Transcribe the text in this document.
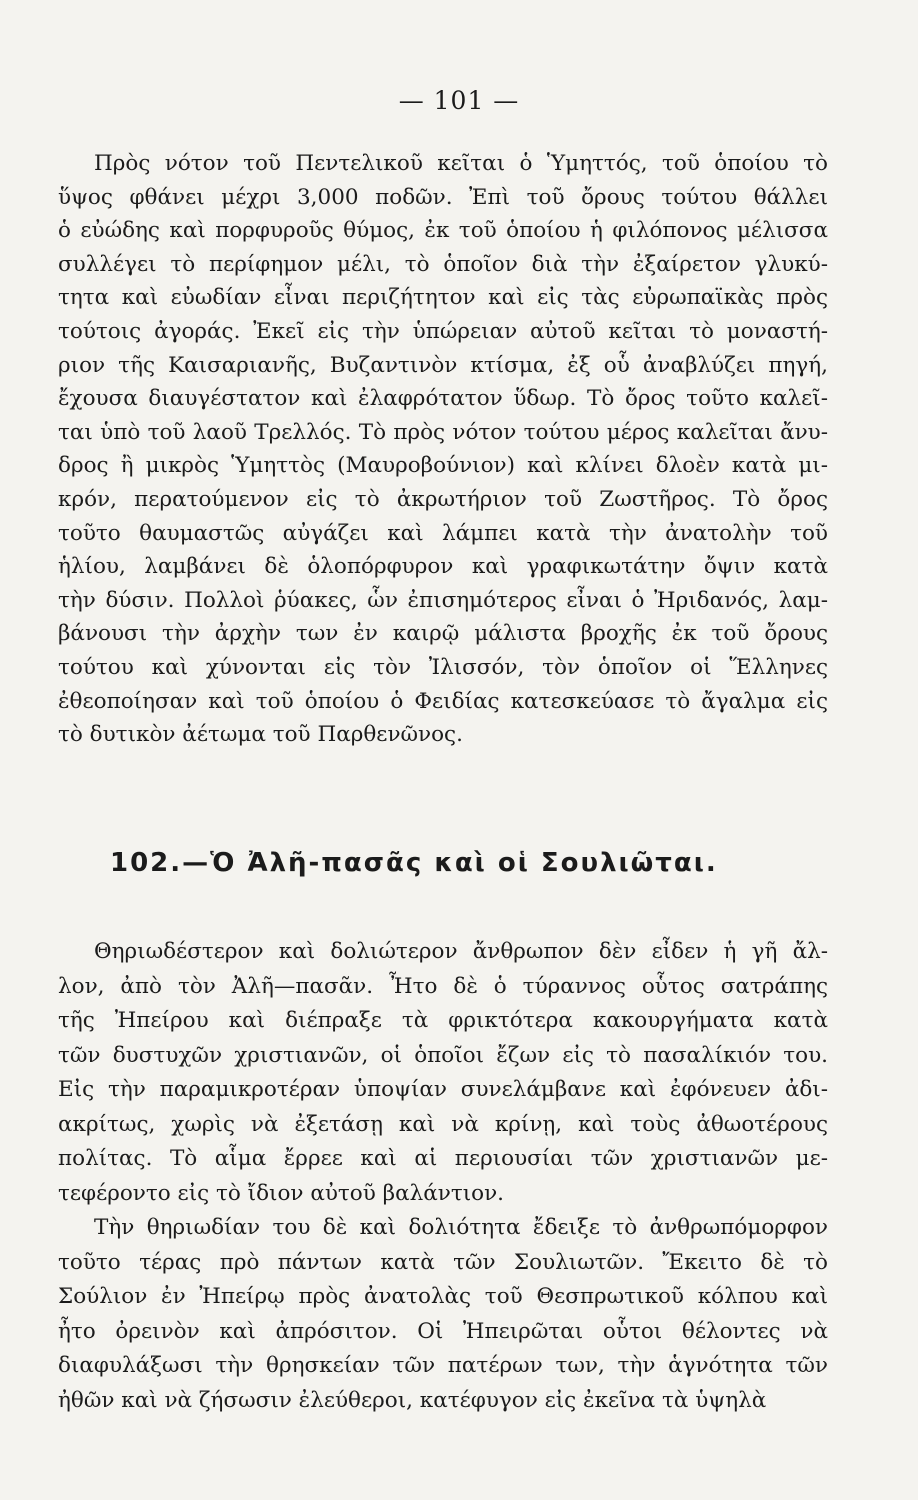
— 101 —
Πρὸς νότον τοῦ Πεντελικοῦ κεῖται ὁ Ὑμηττός, τοῦ ὁποίου τὸ
ὕψος φθάνει μέχρι 3,000 ποδῶν. Ἐπὶ τοῦ ὄρους τούτου θάλλει
ὁ εὐώδης καὶ πορφυροῦς θύμος, ἐκ τοῦ ὁποίου ἡ φιλόπονος μέλισσα
συλλέγει τὸ περίφημον μέλι, τὸ ὁποῖον διὰ τὴν ἐξαίρετον γλυκύ-
τητα καὶ εὐωδίαν εἶναι περιζήτητον καὶ εἰς τὰς εὐρωπαϊκὰς πρὸς
τούτοις ἀγοράς. Ἐκεῖ εἰς τὴν ὑπώρειαν αὐτοῦ κεῖται τὸ μοναστή-
ριον τῆς Καισαριανῆς, Βυζαντινὸν κτίσμα, ἐξ οὗ ἀναβλύζει πηγή,
ἔχουσα διαυγέστατον καὶ ἐλαφρότατον ὕδωρ. Τὸ ὄρος τοῦτο καλεῖ-
ται ὑπὸ τοῦ λαοῦ Τρελλός. Τὸ πρὸς νότον τούτου μέρος καλεῖται ἄνυ-
δρος ἢ μικρὸς Ὑμηττὸς (Μαυροβούνιον) καὶ κλίνει δλοὲν κατὰ μι-
κρόν, περατούμενον εἰς τὸ ἀκρωτήριον τοῦ Ζωστῆρος. Τὸ ὄρος
τοῦτο θαυμαστῶς αὐγάζει καὶ λάμπει κατὰ τὴν ἀνατολὴν τοῦ
ἡλίου, λαμβάνει δὲ ὁλοπόρφυρον καὶ γραφικωτάτην ὄψιν κατὰ
τὴν δύσιν. Πολλοὶ ῥύακες, ὧν ἐπισημότερος εἶναι ὁ Ἠριδανός, λαμ-
βάνουσι τὴν ἀρχὴν των ἐν καιρῷ μάλιστα βροχῆς ἐκ τοῦ ὄρους
τούτου καὶ χύνονται εἰς τὸν Ἰλισσόν, τὸν ὁποῖον οἱ Ἕλληνες
ἐθεοποίησαν καὶ τοῦ ὁποίου ὁ Φειδίας κατεσκεύασε τὸ ἄγαλμα εἰς
τὸ δυτικὸν ἀέτωμα τοῦ Παρθενῶνος.
102.—Ὁ Ἀλῆ-πασᾶς καὶ οἱ Σουλιῶται.
Θηριωδέστερον καὶ δολιώτερον ἄνθρωπον δὲν εἶδεν ἡ γῆ ἄλ-
λον, ἀπὸ τὸν Ἀλῆ—πασᾶν. Ἦτο δὲ ὁ τύραννος οὗτος σατράπης
τῆς Ἠπείρου καὶ διέπραξε τὰ φρικτότερα κακουργήματα κατὰ
τῶν δυστυχῶν χριστιανῶν, οἱ ὁποῖοι ἔζων εἰς τὸ πασαλίκιόν του.
Εἰς τὴν παραμικροτέραν ὑποψίαν συνελάμβανε καὶ ἐφόνευεν ἀδι-
ακρίτως, χωρὶς νὰ ἐξετάσῃ καὶ νὰ κρίνῃ, καὶ τοὺς ἀθωοτέρους
πολίτας. Τὸ αἷμα ἔρρεε καὶ αἱ περιουσίαι τῶν χριστιανῶν με-
τεφέροντο εἰς τὸ ἴδιον αὐτοῦ βαλάντιον.
Τὴν θηριωδίαν του δὲ καὶ δολιότητα ἔδειξε τὸ ἀνθρωπόμορφον
τοῦτο τέρας πρὸ πάντων κατὰ τῶν Σουλιωτῶν. Ἔκειτο δὲ τὸ
Σούλιον ἐν Ἠπείρῳ πρὸς ἀνατολὰς τοῦ Θεσπρωτικοῦ κόλπου καὶ
ἦτο ὀρεινὸν καὶ ἀπρόσιτον. Οἱ Ἠπειρῶται οὗτοι θέλοντες νὰ
διαφυλάξωσι τὴν θρησκείαν τῶν πατέρων των, τὴν ἁγνότητα τῶν
ἠθῶν καὶ νὰ ζήσωσιν ἐλεύθεροι, κατέφυγον εἰς ἐκεῖνα τὰ ὑψηλὰ
